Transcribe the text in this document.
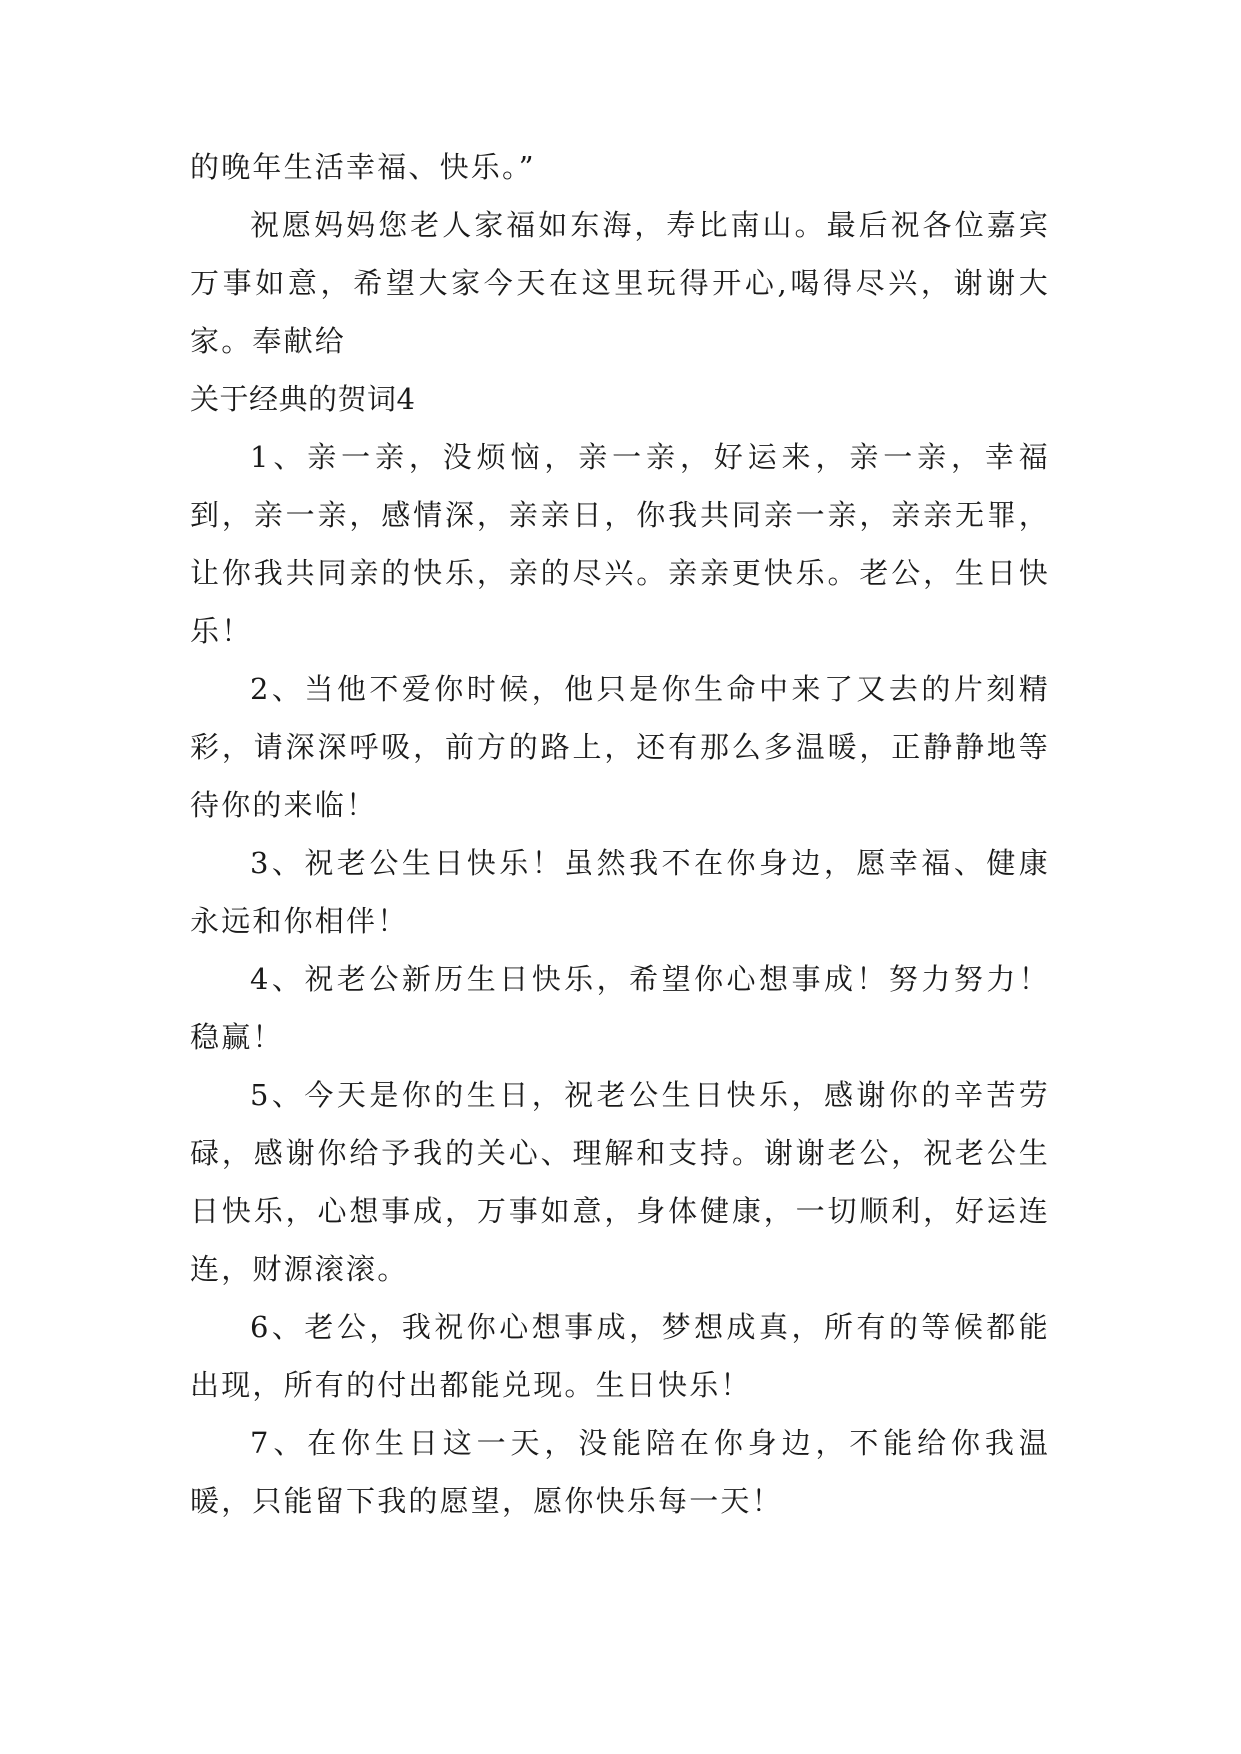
的晚年生活幸福、快乐。”

祝愿妈妈您老人家福如东海，寿比南山。最后祝各位嘉宾万事如意，希望大家今天在这里玩得开心,喝得尽兴，谢谢大家。奉献给

关于经典的贺词4

1、亲一亲，没烦恼，亲一亲，好运来，亲一亲，幸福到，亲一亲，感情深，亲亲日，你我共同亲一亲，亲亲无罪，让你我共同亲的快乐，亲的尽兴。亲亲更快乐。老公，生日快乐！

2、当他不爱你时候，他只是你生命中来了又去的片刻精彩，请深深呼吸，前方的路上，还有那么多温暖，正静静地等待你的来临！

3、祝老公生日快乐！虽然我不在你身边，愿幸福、健康永远和你相伴！

4、祝老公新历生日快乐，希望你心想事成！努力努力！稳赢！

5、今天是你的生日，祝老公生日快乐，感谢你的辛苦劳碌，感谢你给予我的关心、理解和支持。谢谢老公，祝老公生日快乐，心想事成，万事如意，身体健康，一切顺利，好运连连，财源滚滚。

6、老公，我祝你心想事成，梦想成真，所有的等候都能出现，所有的付出都能兑现。生日快乐！

7、在你生日这一天，没能陪在你身边，不能给你我温暖，只能留下我的愿望，愿你快乐每一天！
